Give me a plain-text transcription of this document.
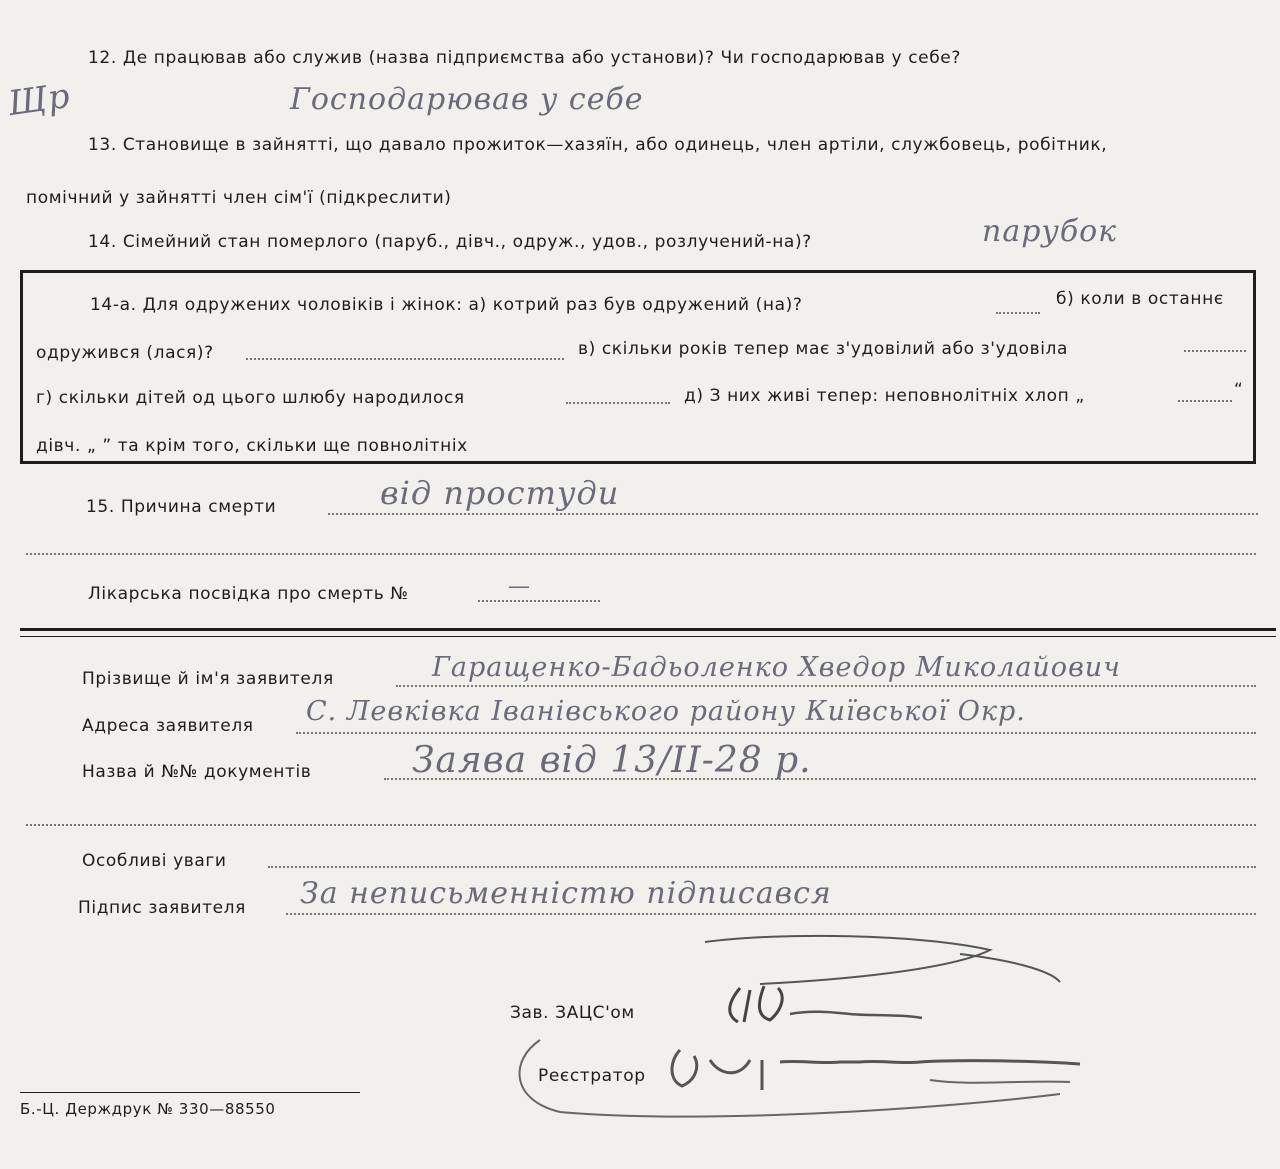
12. Де працював або служив (назва підприємства або установи)? Чи господарював у себе?
Щр	Господарював у себе
13. Становище в зайнятті, що давало прожиток—хазяїн, або одинець, член артіли, службовець, робітник,
помічний у зайнятті член сім'ї (підкреслити)
14. Сімейний стан померлого (паруб., дівч., одруж., удов., розлучений-на)?	парубок
14-а. Для одружених чоловіків і жінок: а) котрий раз був одружений (на)?	б) коли в останнє
одружився (лася)?	в) скільки років тепер має з'удовілий або з'удовіла
г) скільки дітей од цього шлюбу народилося	д) З них живі тепер: неповнолітніх хлоп „	“
дівч. „ ” та крім того, скільки ще повнолітніх
15. Причина смерти	від простуди
Лікарська посвідка про смерть №	—
Прізвище й ім'я заявителя	Гаращенко-Бадьоленко Хведор Миколайович
Адреса заявителя С. Левківка Іванівського району Київської Окр.
Назва й №№ документів	Заява від 13/II-28 р.
Особливі уваги
Підпис заявителя За неписьменністю підписався
Зав. ЗАЦС'ом
Реєстратор
Б.-Ц. Держдрук № 330—88550
